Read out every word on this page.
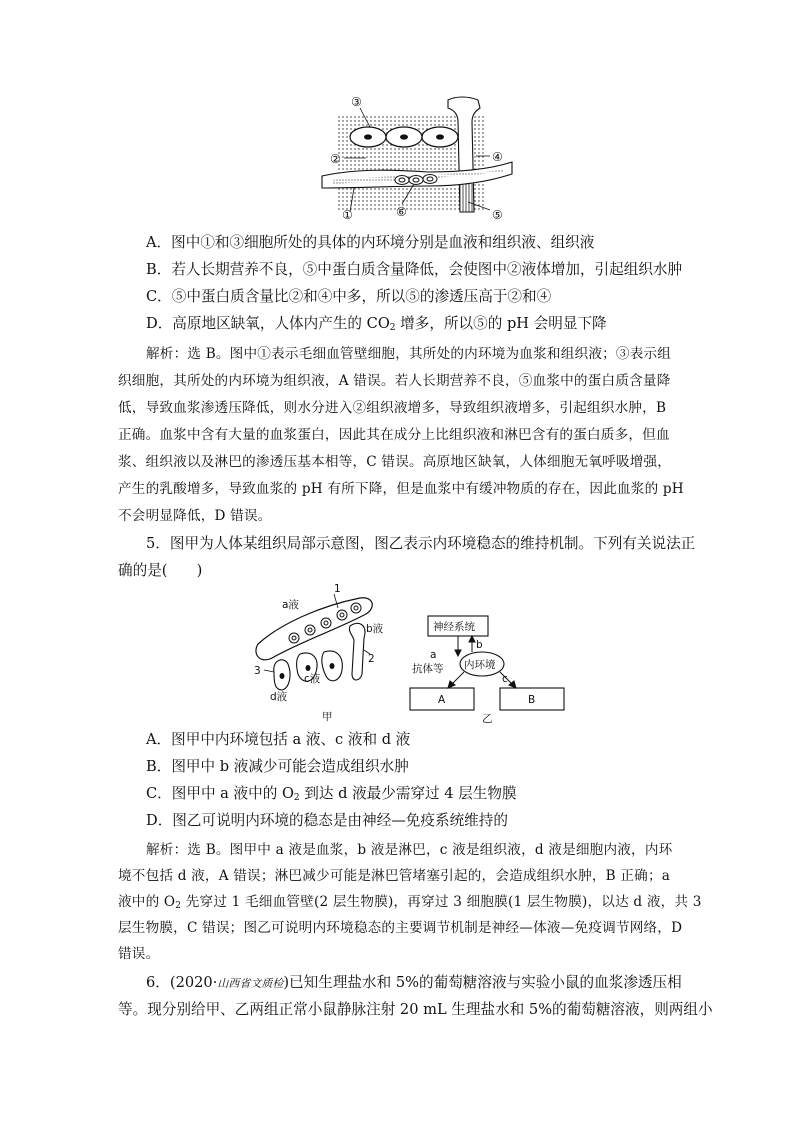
③
②	④
⑤
①	⑥
A．图中①和③细胞所处的具体的内环境分别是血液和组织液、组织液
B．若人长期营养不良，⑤中蛋白质含量降低，会使图中②液体增加，引起组织水肿
C．⑤中蛋白质含量比②和④中多，所以⑤的渗透压高于②和④
D．高原地区缺氧，人体内产生的 $CO_2$ 增多，所以⑤的 pH 会明显下降
解析：选 B。图中①表示毛细血管壁细胞，其所处的内环境为血浆和组织液；③表示组
织细胞，其所处的内环境为组织液，A 错误。若人长期营养不良，⑤血浆中的蛋白质含量降
低，导致血浆渗透压降低，则水分进入②组织液增多，导致组织液增多，引起组织水肿，B
正确。血浆中含有大量的血浆蛋白，因此其在成分上比组织液和淋巴含有的蛋白质多，但血
浆、组织液以及淋巴的渗透压基本相等，C 错误。高原地区缺氧，人体细胞无氧呼吸增强，
产生的乳酸增多，导致血浆的 pH 有所下降，但是血浆中有缓冲物质的存在，因此血浆的 pH
不会明显降低，D 错误。
5．图甲为人体某组织局部示意图，图乙表示内环境稳态的维持机制。下列有关说法正
确的是(　　)
1
2
3
a液
b液
c液
d液
甲
神经系统
内环境
A	B
b
a
抗体等
c
乙
A．图甲中内环境包括 a 液、c 液和 d 液
B．图甲中 b 液减少可能会造成组织水肿
C．图甲中 a 液中的 $O_2$ 到达 d 液最少需穿过 4 层生物膜
D．图乙可说明内环境的稳态是由神经—免疫系统维持的
解析：选 B。图甲中 a 液是血浆，b 液是淋巴，c 液是组织液，d 液是细胞内液，内环
境不包括 d 液，A 错误；淋巴减少可能是淋巴管堵塞引起的，会造成组织水肿，B 正确；a
液中的 $O_2$ 先穿过 1 毛细血管壁(2 层生物膜)，再穿过 3 细胞膜(1 层生物膜)，以达 d 液，共 3
层生物膜，C 错误；图乙可说明内环境稳态的主要调节机制是神经—体液—免疫调节网络，D
错误。
6．(2020·山西省文质检)已知生理盐水和 5%的葡萄糖溶液与实验小鼠的血浆渗透压相
等。现分别给甲、乙两组正常小鼠静脉注射 20 mL 生理盐水和 5%的葡萄糖溶液，则两组小
